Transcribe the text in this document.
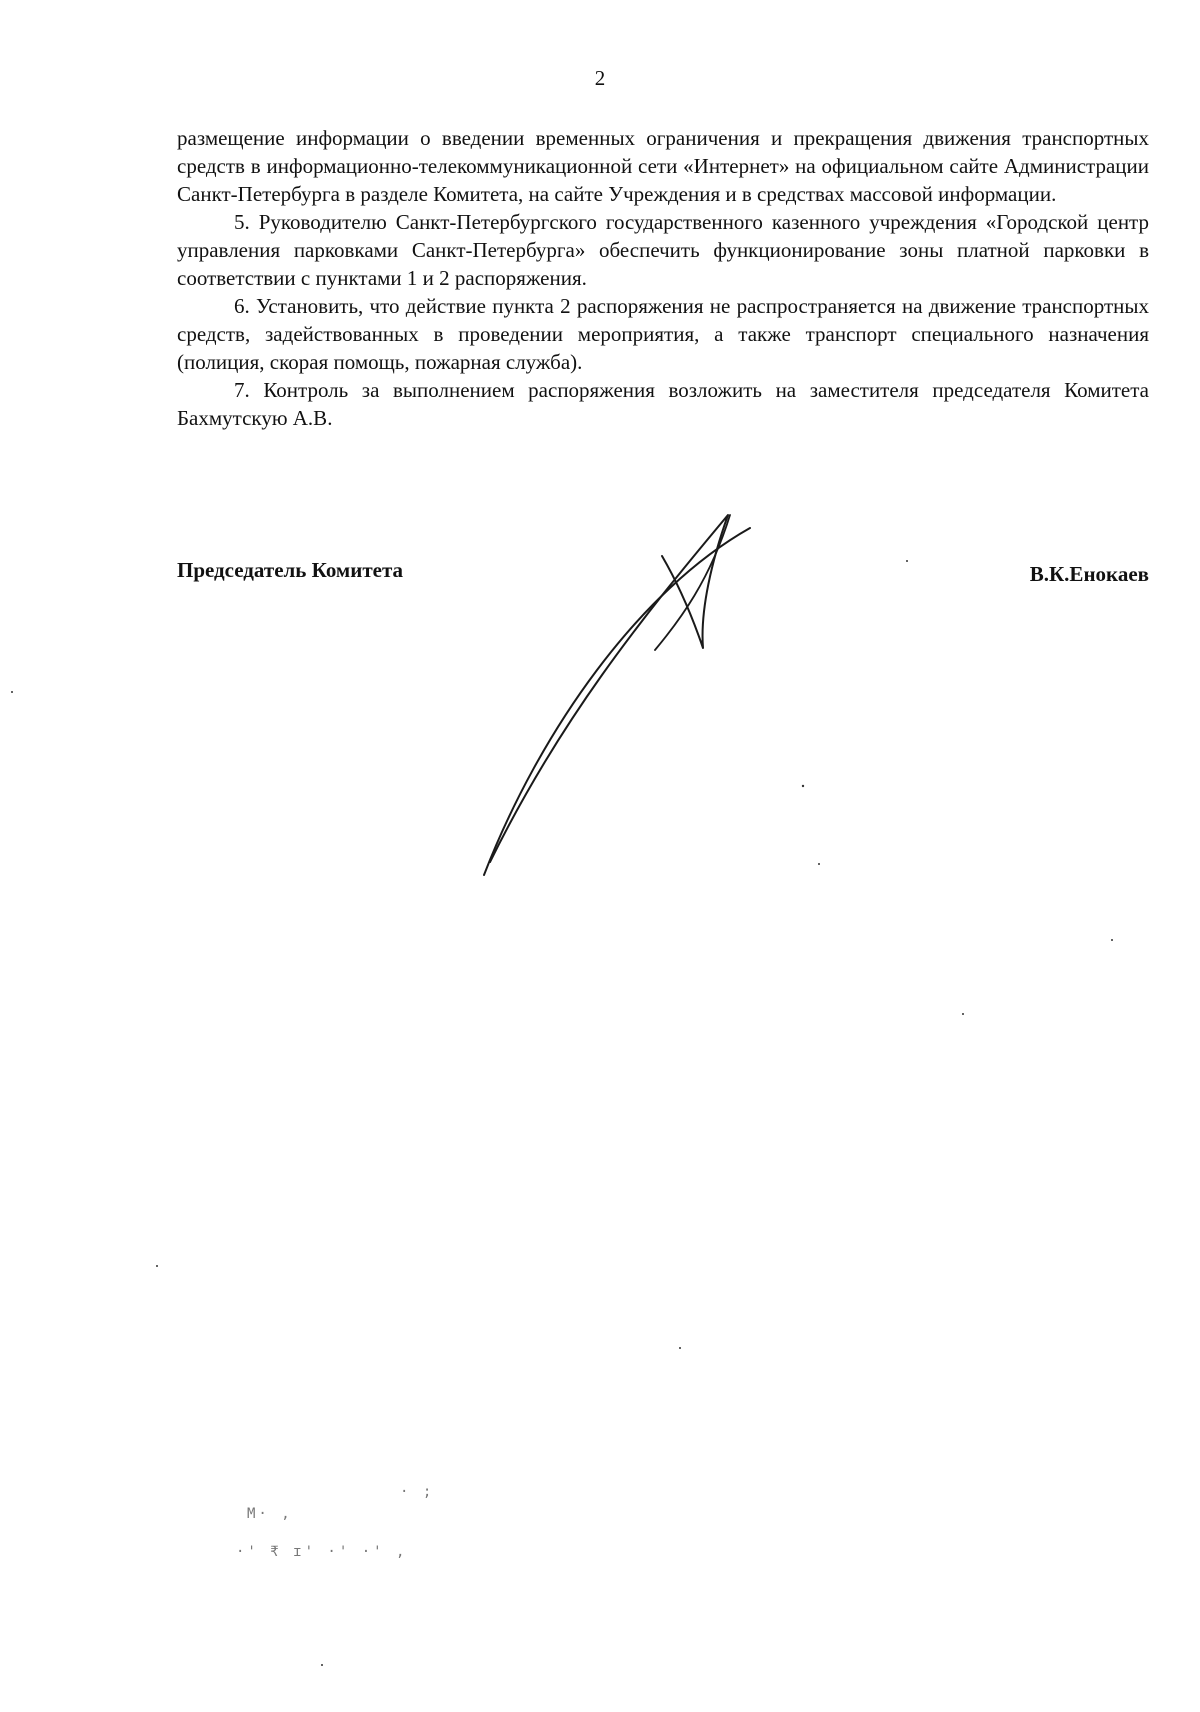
2

размещение информации о введении временных ограничения и прекращения движения транспортных средств в информационно-телекоммуникационной сети «Интернет» на официальном сайте Администрации Санкт-Петербурга в разделе Комитета, на сайте Учреждения и в средствах массовой информации.

5. Руководителю Санкт-Петербургского государственного казенного учреждения «Городской центр управления парковками Санкт-Петербурга» обеспечить функционирование зоны платной парковки в соответствии с пунктами 1 и 2 распоряжения.

6. Установить, что действие пункта 2 распоряжения не распространяется на движение транспортных средств, задействованных в проведении мероприятия, а также транспорт специального назначения (полиция, скорая помощь, пожарная служба).

7. Контроль за выполнением распоряжения возложить на заместителя председателя Комитета Бахмутскую А.В.

Председатель Комитета	В.К.Енокаев
М· ,
·' ₹ ɪ' ·' ·' ,
· ;
